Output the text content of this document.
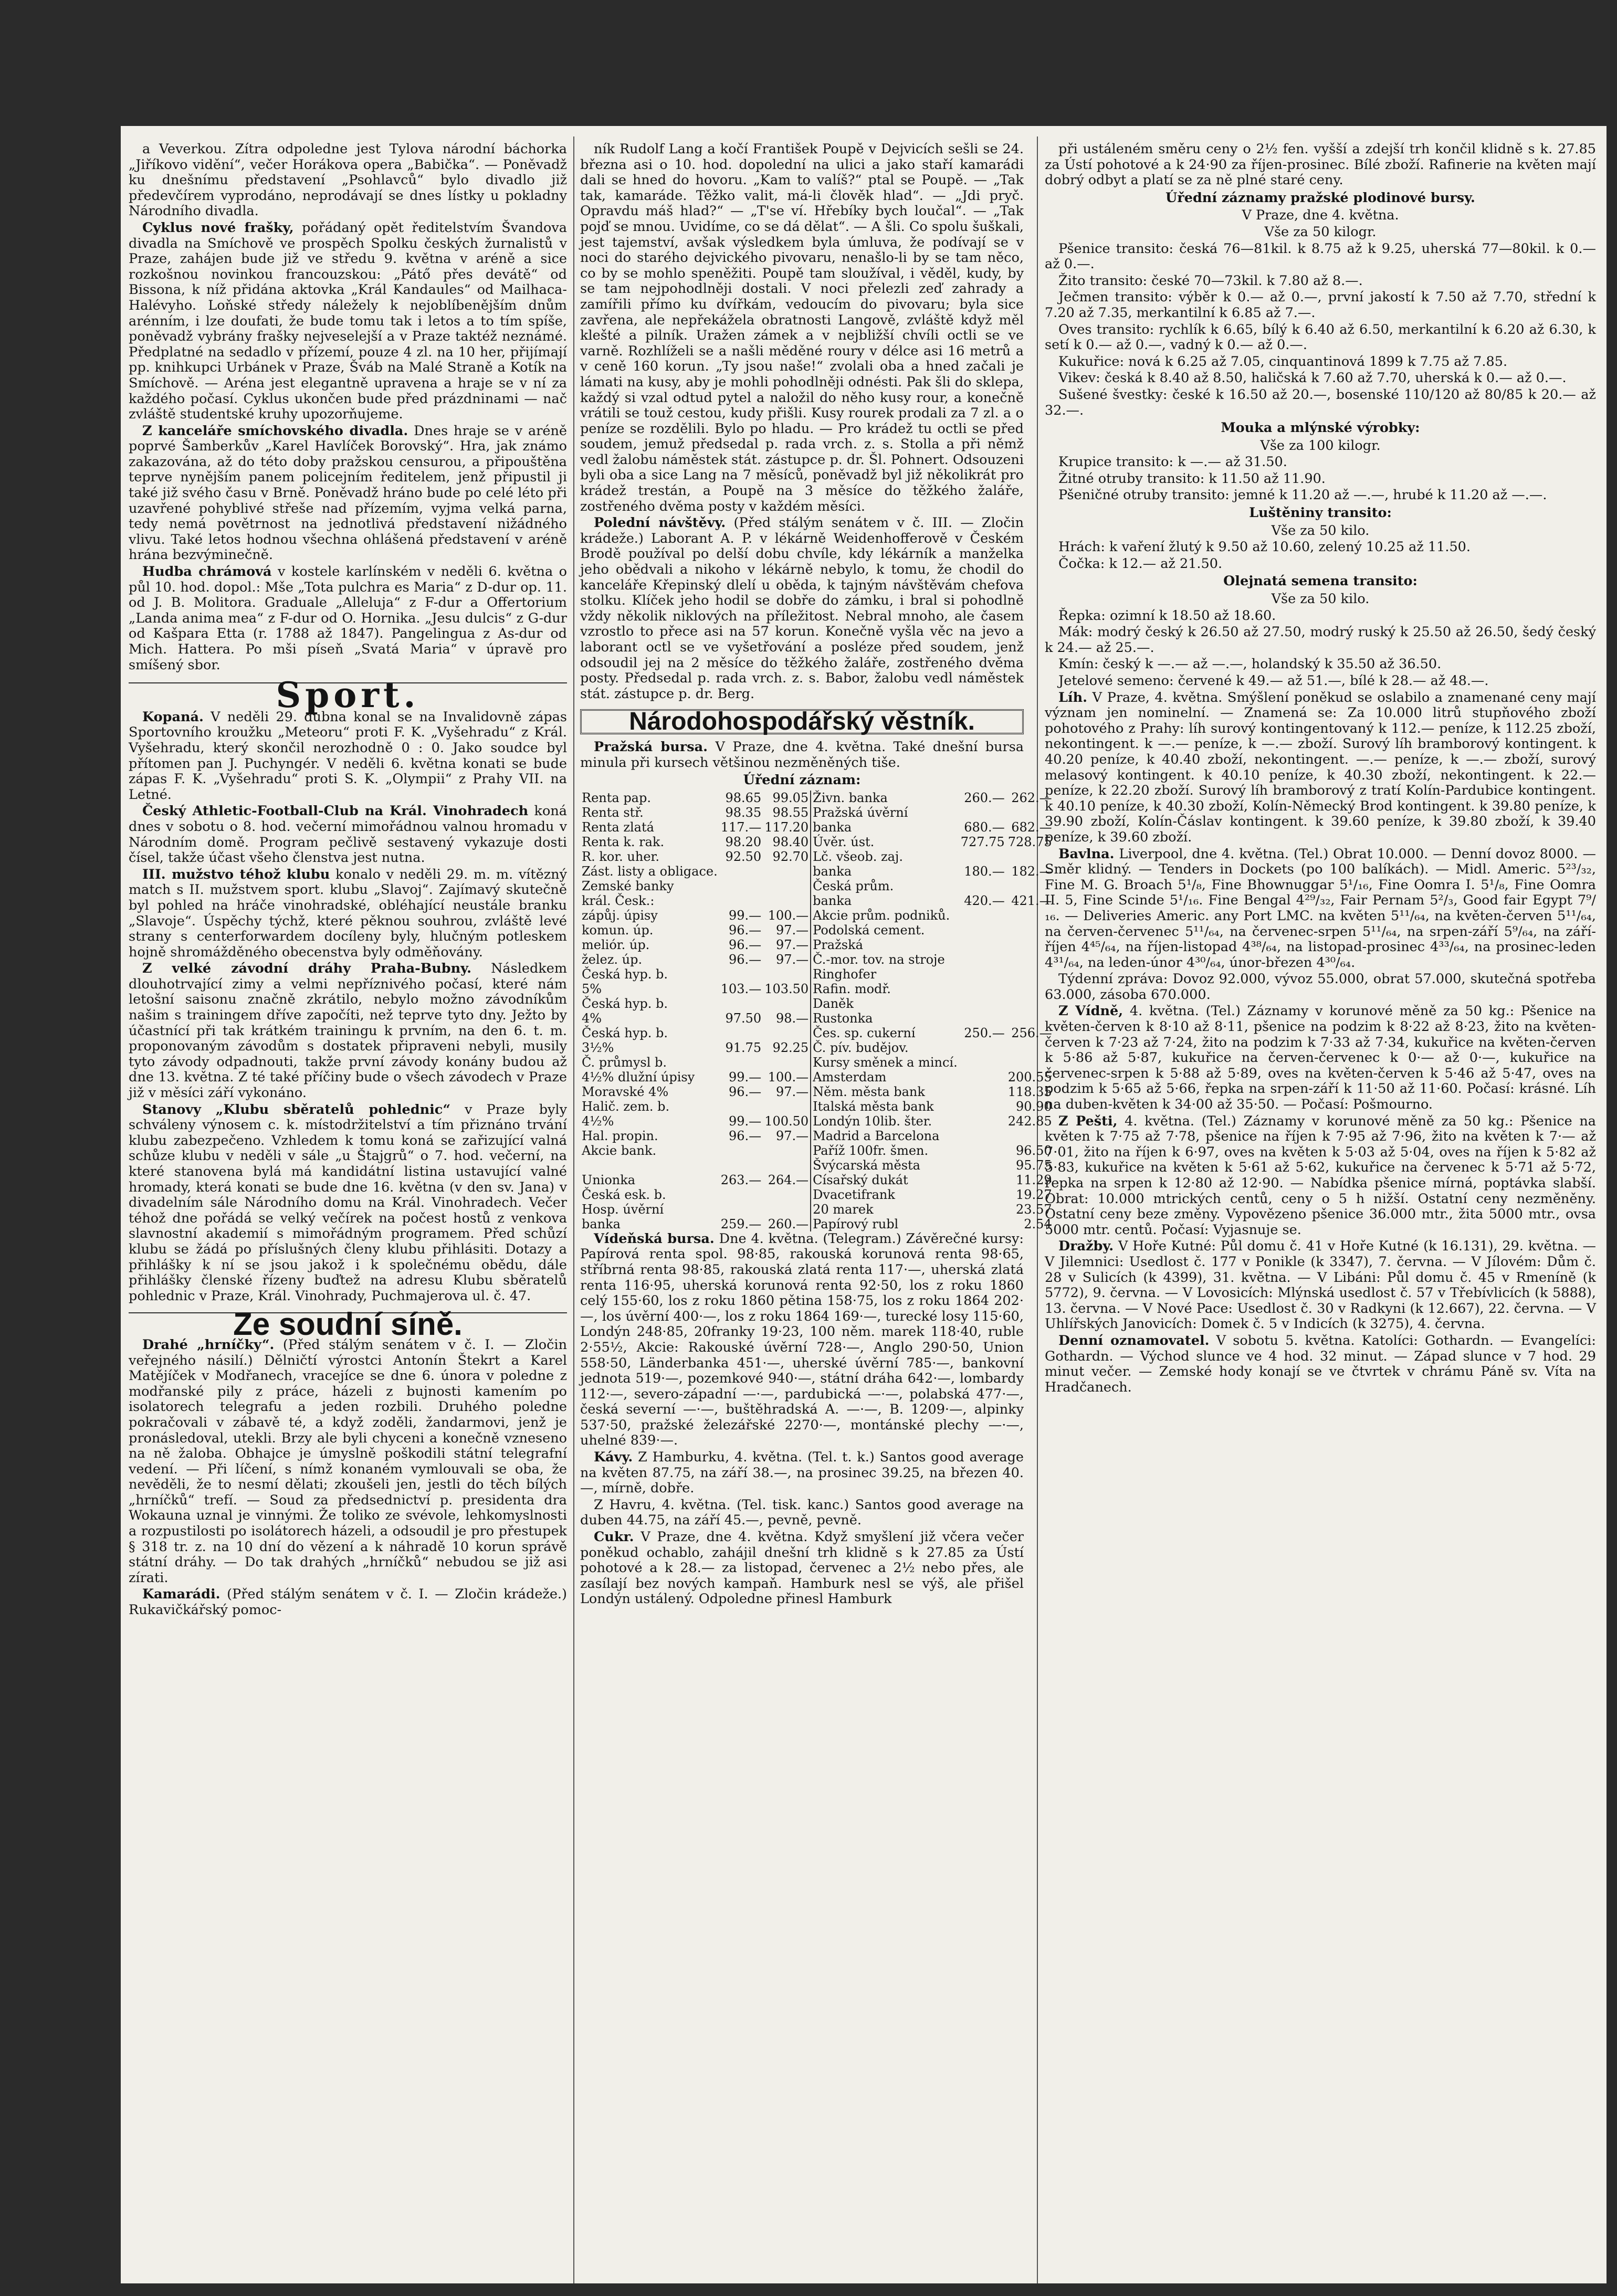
a Veverkou. Zítra odpoledne jest Tylova národní báchorka „Jiříkovo vidění“, večer Horákova opera „Babička“. — Poněvadž ku dnešnímu představení „Psohlavců“ bylo divadlo již předevčírem vyprodáno, neprodávají se dnes lístky u pokladny Národního divadla.

Cyklus nové frašky, pořádaný opět ředitelstvím Švandova divadla na Smíchově ve prospěch Spolku českých žurnalistů v Praze, zahájen bude již ve středu 9. května v aréně a sice rozkošnou novinkou francouzskou: „Pátő přes devátě“ od Bissona, k níž přidána aktovka „Král Kandaules“ od Mailhaca-Halévyho. Loňské středy náležely k nejoblíbenějším dnům arénním, i lze doufati, že bude tomu tak i letos a to tím spíše, poněvadž vybrány frašky nejveselejší a v Praze taktéž neznámé. Předplatné na sedadlo v přízemí, pouze 4 zl. na 10 her, přijímají pp. knihkupci Urbánek v Praze, Šváb na Malé Straně a Kotík na Smíchově. — Aréna jest elegantně upravena a hraje se v ní za každého počasí. Cyklus ukončen bude před prázdninami — nač zvláště studentské kruhy upozorňujeme.

Z kanceláře smíchovského divadla. Dnes hraje se v aréně poprvé Šamberkův „Karel Havlíček Borovský“. Hra, jak známo zakazována, až do této doby pražskou censurou, a připouštěna teprve nynějším panem policejním ředitelem, jenž připustil ji také již svého času v Brně. Poněvadž hráno bude po celé léto při uzavřené pohyblivé střeše nad přízemím, vyjma velká parna, tedy nemá povětrnost na jednotlivá představení nižádného vlivu. Také letos hodnou všechna ohlášená představení v aréně hrána bezvýminečně.

Hudba chrámová v kostele karlínském v neděli 6. května o půl 10. hod. dopol.: Mše „Tota pulchra es Maria“ z D-dur op. 11. od J. B. Molitora. Graduale „Alleluja“ z F-dur a Offertorium „Landa anima mea“ z F-dur od O. Hornika. „Jesu dulcis“ z G-dur od Kašpara Etta (r. 1788 až 1847). Pangelingua z As-dur od Mich. Hattera. Po mši píseň „Svatá Maria“ v úpravě pro smíšený sbor.

Sport.

Kopaná. V neděli 29. dubna konal se na Invalidovně zápas Sportovního kroužku „Meteoru“ proti F. K. „Vyšehradu“ z Král. Vyšehradu, který skončil nerozhodně 0 : 0. Jako soudce byl přítomen pan J. Puchyngér. V neděli 6. května konati se bude zápas F. K. „Vyšehradu“ proti S. K. „Olympii“ z Prahy VII. na Letné.

Český Athletic-Football-Club na Král. Vinohradech koná dnes v sobotu o 8. hod. večerní mimořádnou valnou hromadu v Národním domě. Program pečlivě sestavený vykazuje dosti čísel, takže účast všeho členstva jest nutna.

III. mužstvo téhož klubu konalo v neděli 29. m. m. vítězný match s II. mužstvem sport. klubu „Slavoj“. Zajímavý skutečně byl pohled na hráče vinohradské, obléhající neustále branku „Slavoje“. Úspěchy týchž, které pěknou souhrou, zvláště levé strany s centerforwardem docíleny byly, hlučným potleskem hojně shromážděného obecenstva byly odměňovány.

Z velké závodní dráhy Praha-Bubny. Následkem dlouhotrvající zimy a velmi nepříznivého počasí, které nám letošní saisonu značně zkrátilo, nebylo možno závodníkům našim s trainingem dříve započíti, než teprve tyto dny. Ježto by účastnící při tak krátkém trainingu k prvním, na den 6. t. m. proponovaným závodům s dostatek připraveni nebyli, musily tyto závody odpadnouti, takže první závody konány budou až dne 13. května. Z té také příčiny bude o všech závodech v Praze již v měsíci září vykonáno.

Stanovy „Klubu sběratelů pohlednic“ v Praze byly schváleny výnosem c. k. místodržitelství a tím přiznáno trvání klubu zabezpečeno. Vzhledem k tomu koná se zařizující valná schůze klubu v neděli v sále „u Štajgrů“ o 7. hod. večerní, na které stanovena bylá má kandidátní listina ustavující valné hromady, která konati se bude dne 16. května (v den sv. Jana) v divadelním sále Národního domu na Král. Vinohradech. Večer téhož dne pořádá se velký večírek na počest hostů z venkova slavnostní akademií s mimořádným programem. Před schůzí klubu se žádá po příslušných členy klubu přihlásiti. Dotazy a přihlášky k ní se jsou jakož i k společnému obědu, dále přihlášky členské řízeny buďtež na adresu Klubu sběratelů pohlednic v Praze, Král. Vinohrady, Puchmajerova ul. č. 47.

Ze soudní síně.

Drahé „hrníčky“. (Před stálým senátem v č. I. — Zločin veřejného násilí.) Dělničtí výrostci Antonín Štekrt a Karel Matějíček v Modřanech, vracejíce se dne 6. února v poledne z modřanské pily z práce, házeli z bujnosti kamením po isolatorech telegrafu a jeden rozbili. Druhého poledne pokračovali v zábavě té, a když zoděli, žandarmovi, jenž je pronásledoval, utekli. Brzy ale byli chyceni a konečně vzneseno na ně žaloba. Obhajce je úmyslně poškodili státní telegrafní vedení. — Při líčení, s nímž konaném vymlouvali se oba, že nevěděli, že to nesmí dělati; zkoušeli jen, jestli do těch bílých „hrníčků“ trefí. — Soud za předsednictví p. presidenta dra Wokauna uznal je vinnými. Že toliko ze svévole, lehkomyslnosti a rozpustilosti po isolátorech házeli, a odsoudil je pro přestupek § 318 tr. z. na 10 dní do vězení a k náhradě 10 korun správě státní dráhy. — Do tak drahých „hrníčků“ nebudou se již asi zírati.

Kamarádi. (Před stálým senátem v č. I. — Zločin krádeže.) Rukavičkářský pomoc-

ník Rudolf Lang a kočí František Poupě v Dejvicích sešli se 24. března asi o 10. hod. dopolední na ulici a jako staří kamarádi dali se hned do hovoru. „Kam to valíš?“ ptal se Poupě. — „Tak tak, kamaráde. Těžko valit, má-li člověk hlad“. — „Jdi pryč. Opravdu máš hlad?“ — „T'se ví. Hřebíky bych loučal“. — „Tak pojď se mnou. Uvidíme, co se dá dělat“. — A šli. Co spolu šuškali, jest tajemství, avšak výsledkem byla úmluva, že podívají se v noci do starého dejvického pivovaru, nenašlo-li by se tam něco, co by se mohlo speněžiti. Poupě tam sloužíval, i věděl, kudy, by se tam nejpohodlněji dostali. V noci přelezli zeď zahrady a zamířili přímo ku dvířkám, vedoucím do pivovaru; byla sice zavřena, ale nepřekážela obratnosti Langově, zvláště když měl klešté a pilník. Uražen zámek a v nejbližší chvíli octli se ve varně. Rozhlíželi se a našli měděné roury v délce asi 16 metrů a v ceně 160 korun. „Ty jsou naše!“ zvolali oba a hned začali je lámati na kusy, aby je mohli pohodlněji odnésti. Pak šli do sklepa, každý si vzal odtud pytel a naložil do něho kusy rour, a konečně vrátili se touž cestou, kudy přišli. Kusy rourek prodali za 7 zl. a o peníze se rozdělili. Bylo po hladu. — Pro krádež tu octli se před soudem, jemuž předsedal p. rada vrch. z. s. Stolla a při němž vedl žalobu náměstek stát. zástupce p. dr. Šl. Pohnert. Odsouzeni byli oba a sice Lang na 7 měsíců, poněvadž byl již několikrát pro krádež trestán, a Poupě na 3 měsíce do těžkého žaláře, zostřeného dvěma posty v každém měsíci.

Polední návštěvy. (Před stálým senátem v č. III. — Zločin krádeže.) Laborant A. P. v lékárně Weidenhofferově v Českém Brodě používal po delší dobu chvíle, kdy lékárník a manželka jeho obědvali a nikoho v lékárně nebylo, k tomu, že chodil do kanceláře Křepinský dlelí u oběda, k tajným návštěvám chefova stolku. Klíček jeho hodil se dobře do zámku, i bral si pohodlně vždy několik niklových na příležitost. Nebral mnoho, ale časem vzrostlo to přece asi na 57 korun. Konečně vyšla věc na jevo a laborant octl se ve vyšetřování a posléze před soudem, jenž odsoudil jej na 2 měsíce do těžkého žaláře, zostřeného dvěma posty. Předsedal p. rada vrch. z. s. Babor, žalobu vedl náměstek stát. zástupce p. dr. Berg.

Národohospodářský věstník.

Pražská bursa. V Praze, dne 4. května. Také dnešní bursa minula při kursech většinou nezměněných tiše.

Úřední záznam:
Renta pap.	98.65	99.05	Živn. banka	260.—	262.—
Renta stř.	98.35	98.55	Pražská úvěrní		
Renta zlatá	117.—	117.20	banka	680.—	682.—
Renta k. rak.	98.20	98.40	Úvěr. úst.	727.75	728.75
R. kor. uher.	92.50	92.70	Lč. všeob. zaj.		
Zást. listy a obligace.			banka	180.—	182.—
Zemské banky			Česká prům.		
král. Česk.:			banka	420.—	421.—
zápůj. úpisy	99.—	100.—	Akcie prům. podniků.		
komun. úp.	96.—	97.—	Podolská cement.		
meliór. úp.	96.—	97.—	Pražská		
želez. úp.	96.—	97.—	Č.-mor. tov. na stroje		
Česká hyp. b.			Ringhofer		
5%	103.—	103.50	Rafin. modř.		
Česká hyp. b.			Daněk		
4%	97.50	98.—	Rustonka		
Česká hyp. b.			Čes. sp. cukerní	250.—	256.—
3½%	91.75	92.25	Č. pív. budějov.		
Č. průmysl b.			Kursy směnek a mincí.		
4½% dlužní úpisy	99.—	100.—	Amsterdam		200.55
Moravské 4%	96.—	97.—	Něm. města bank		118.35
Halič. zem. b.			Italská města bank		90.90
4½%	99.—	100.50	Londýn 10lib. šter.		242.85
Hal. propin.	96.—	97.—	Madrid a Barcelona		
Akcie bank.			Paříž 100fr. šmen.		96.50
			Švýcarská města		95.75
Unionka	263.—	264.—	Císařský dukát		11.29
Česká esk. b.			Dvacetifrank		19.27
Hosp. úvěrní			20 marek		23.57
banka	259.—	260.—	Papírový rubl		2.54

Vídeňská bursa. Dne 4. května. (Telegram.) Závěrečné kursy: Papírová renta spol. 98·85, rakouská korunová renta 98·65, stříbrná renta 98·85, rakouská zlatá renta 117·—, uherská zlatá renta 116·95, uherská korunová renta 92·50, los z roku 1860 celý 155·60, los z roku 1860 pětina 158·75, los z roku 1864 202·—, los úvěrní 400·—, los z roku 1864 169·—, turecké losy 115·60, Londýn 248·85, 20franky 19·23, 100 něm. marek 118·40, ruble 2·55½, Akcie: Rakouské úvěrní 728·—, Anglo 290·50, Union 558·50, Länderbanka 451·—, uherské úvěrní 785·—, bankovní jednota 519·—, pozemkové 940·—, státní dráha 642·—, lombardy 112·—, severo-západní —·—, pardubická —·—, polabská 477·—, česká severní —·—, buštěhradská A. —·—, B. 1209·—, alpinky 537·50, pražské železářské 2270·—, montánské plechy —·—, uhelné 839·—.

Kávy. Z Hamburku, 4. května. (Tel. t. k.) Santos good average na květen 87.75, na září 38.—, na prosinec 39.25, na březen 40.—, mírně, dobře.

Z Havru, 4. května. (Tel. tisk. kanc.) Santos good average na duben 44.75, na září 45.—, pevně, pevně.

Cukr. V Praze, dne 4. května. Když smyšlení již včera večer poněkud ochablo, zahájil dnešní trh klidně s k 27.85 za Ústí pohotové a k 28.— za listopad, červenec a 2½ nebo přes, ale zasílají bez nových kampaň. Hamburk nesl se výš, ale přišel Londýn ustálený. Odpoledne přinesl Hamburk

při ustáleném směru ceny o 2½ fen. vyšší a zdejší trh končil klidně s k. 27.85 za Ústí pohotové a k 24·90 za říjen-prosinec. Bílé zboží. Rafinerie na květen mají dobrý odbyt a platí se za ně plné staré ceny.

Úřední záznamy pražské plodinové bursy.
V Praze, dne 4. května.
Vše za 50 kilogr.

Pšenice transito: česká 76—81kil. k 8.75 až k 9.25, uherská 77—80kil. k 0.— až 0.—.

Žito transito: české 70—73kil. k 7.80 až 8.—.

Ječmen transito: výběr k 0.— až 0.—, první jakostí k 7.50 až 7.70, střední k 7.20 až 7.35, merkantilní k 6.85 až 7.—.

Oves transito: rychlík k 6.65, bílý k 6.40 až 6.50, merkantilní k 6.20 až 6.30, k setí k 0.— až 0.—, vadný k 0.— až 0.—.

Kukuřice: nová k 6.25 až 7.05, cinquantinová 1899 k 7.75 až 7.85.

Vikev: česká k 8.40 až 8.50, haličská k 7.60 až 7.70, uherská k 0.— až 0.—.

Sušené švestky: české k 16.50 až 20.—, bosenské 110/120 až 80/85 k 20.— až 32.—.

Mouka a mlýnské výrobky:
Vše za 100 kilogr.

Krupice transito: k —.— až 31.50.

Žitné otruby transito: k 11.50 až 11.90.

Pšeničné otruby transito: jemné k 11.20 až —.—, hrubé k 11.20 až —.—.

Luštěniny transito:
Vše za 50 kilo.

Hrách: k vaření žlutý k 9.50 až 10.60, zelený 10.25 až 11.50.

Čočka: k 12.— až 21.50.

Olejnatá semena transito:
Vše za 50 kilo.

Řepka: ozimní k 18.50 až 18.60.

Mák: modrý český k 26.50 až 27.50, modrý ruský k 25.50 až 26.50, šedý český k 24.— až 25.—.

Kmín: český k —.— až —.—, holandský k 35.50 až 36.50.

Jetelové semeno: červené k 49.— až 51.—, bílé k 28.— až 48.—.

Líh. V Praze, 4. května. Smýšlení poněkud se oslabilo a znamenané ceny mají význam jen nominelní. — Znamená se: Za 10.000 litrů stupňového zboží pohotového z Prahy: líh surový kontingentovaný k 112.— peníze, k 112.25 zboží, nekontingent. k —.— peníze, k —.— zboží. Surový líh bramborový kontingent. k 40.20 peníze, k 40.40 zboží, nekontingent. —.— peníze, k —.— zboží, surový melasový kontingent. k 40.10 peníze, k 40.30 zboží, nekontingent. k 22.— peníze, k 22.20 zboží. Surový líh bramborový z tratí Kolín-Pardubice kontingent. k 40.10 peníze, k 40.30 zboží, Kolín-Německý Brod kontingent. k 39.80 peníze, k 39.90 zboží, Kolín-Čáslav kontingent. k 39.60 peníze, k 39.80 zboží, k 39.40 peníze, k 39.60 zboží.

Bavlna. Liverpool, dne 4. května. (Tel.) Obrat 10.000. — Denní dovoz 8000. — Směr klidný. — Tenders in Dockets (po 100 balíkách). — Midl. Americ. 5²³/₃₂, Fine M. G. Broach 5¹/₈, Fine Bhownuggar 5¹/₁₆, Fine Oomra I. 5¹/₈, Fine Oomra II. 5, Fine Scinde 5¹/₁₆. Fine Bengal 4²⁹/₃₂, Fair Pernam 5²/₃, Good fair Egypt 7⁹/₁₆. — Deliveries Americ. any Port LMC. na květen 5¹¹/₆₄, na květen-červen 5¹¹/₆₄, na červen-červenec 5¹¹/₆₄, na červenec-srpen 5¹¹/₆₄, na srpen-září 5⁹/₆₄, na září-říjen 4⁴⁵/₆₄, na říjen-listopad 4³⁸/₆₄, na listopad-prosinec 4³³/₆₄, na prosinec-leden 4³¹/₆₄, na leden-únor 4³⁰/₆₄, únor-březen 4³⁰/₆₄.

Týdenní zpráva: Dovoz 92.000, vývoz 55.000, obrat 57.000, skutečná spotřeba 63.000, zásoba 670.000.

Z Vídně, 4. května. (Tel.) Záznamy v korunové měně za 50 kg.: Pšenice na květen-červen k 8·10 až 8·11, pšenice na podzim k 8·22 až 8·23, žito na květen-červen k 7·23 až 7·24, žito na podzim k 7·33 až 7·34, kukuřice na květen-červen k 5·86 až 5·87, kukuřice na červen-červenec k 0·— až 0·—, kukuřice na červenec-srpen k 5·88 až 5·89, oves na květen-červen k 5·46 až 5·47, oves na podzim k 5·65 až 5·66, řepka na srpen-září k 11·50 až 11·60. Počasí: krásné. Líh na duben-květen k 34·00 až 35·50. — Počasí: Pošmourno.

Z Pešti, 4. května. (Tel.) Záznamy v korunové měně za 50 kg.: Pšenice na květen k 7·75 až 7·78, pšenice na říjen k 7·95 až 7·96, žito na květen k 7·— až 7·01, žito na říjen k 6·97, oves na květen k 5·03 až 5·04, oves na říjen k 5·82 až 5·83, kukuřice na květen k 5·61 až 5·62, kukuřice na červenec k 5·71 až 5·72, řepka na srpen k 12·80 až 12·90. — Nabídka pšenice mírná, poptávka slabší. Obrat: 10.000 mtrických centů, ceny o 5 h nižší. Ostatní ceny nezměněny. Ostatní ceny beze změny. Vypovězeno pšenice 36.000 mtr., žita 5000 mtr., ovsa 5000 mtr. centů. Počasí: Vyjasnuje se.

Dražby. V Hoře Kutné: Půl domu č. 41 v Hoře Kutné (k 16.131), 29. května. — V Jilemnici: Usedlost č. 177 v Ponikle (k 3347), 7. června. — V Jílovém: Dům č. 28 v Sulicích (k 4399), 31. května. — V Libáni: Půl domu č. 45 v Rmeníně (k 5772), 9. června. — V Lovosicích: Mlýnská usedlost č. 57 v Třebívlicích (k 5888), 13. června. — V Nové Pace: Usedlost č. 30 v Radkyni (k 12.667), 22. června. — V Uhlířských Janovicích: Domek č. 5 v Indicích (k 3275), 4. června.

Denní oznamovatel. V sobotu 5. května. Katolíci: Gothardn. — Evangelíci: Gothardn. — Východ slunce ve 4 hod. 32 minut. — Západ slunce v 7 hod. 29 minut večer. — Zemské hody konají se ve čtvrtek v chrámu Páně sv. Víta na Hradčanech.
